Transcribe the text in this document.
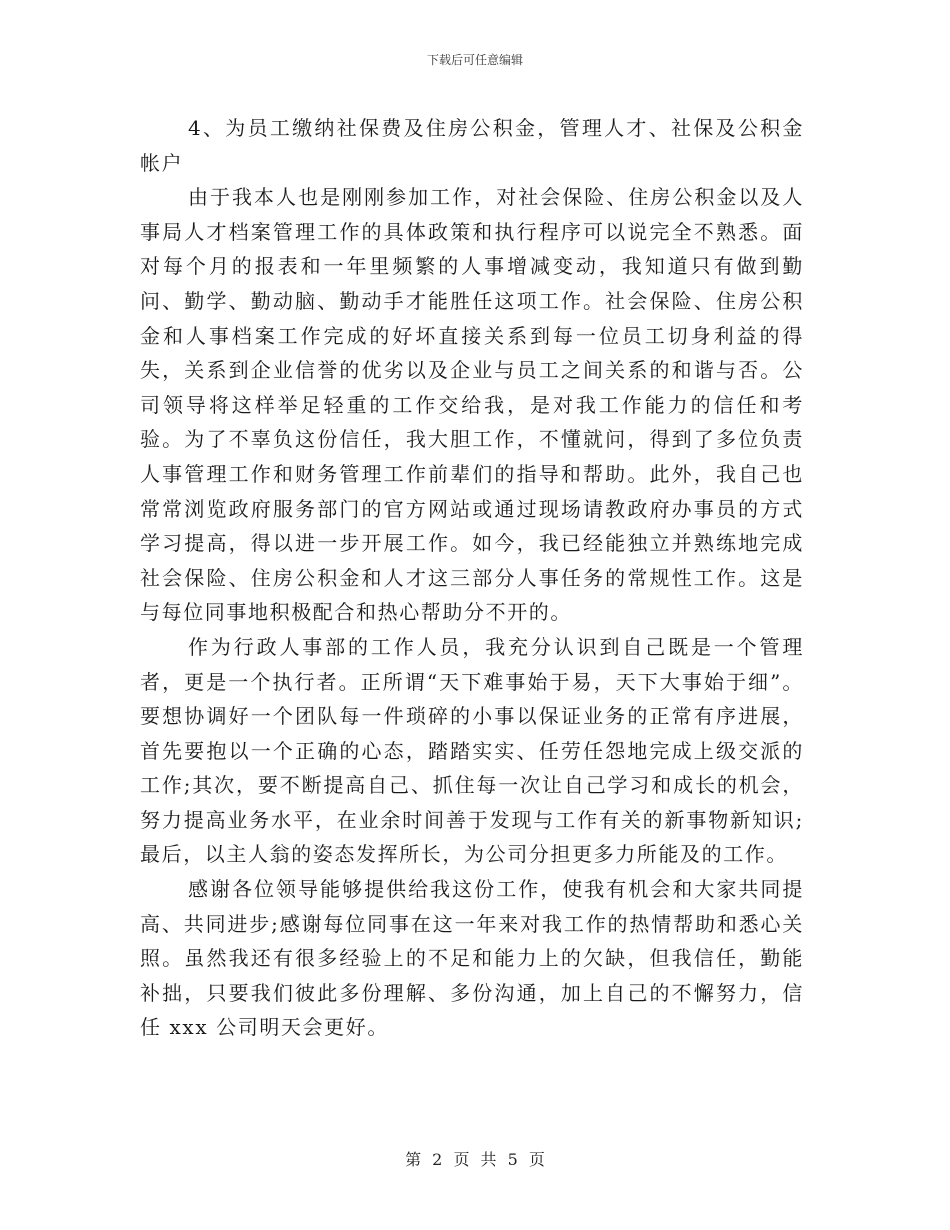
下载后可任意编辑

4、为员工缴纳社保费及住房公积金，管理人才、社保及公积金帐户

由于我本人也是刚刚参加工作，对社会保险、住房公积金以及人事局人才档案管理工作的具体政策和执行程序可以说完全不熟悉。面对每个月的报表和一年里频繁的人事增减变动，我知道只有做到勤问、勤学、勤动脑、勤动手才能胜任这项工作。社会保险、住房公积金和人事档案工作完成的好坏直接关系到每一位员工切身利益的得失，关系到企业信誉的优劣以及企业与员工之间关系的和谐与否。公司领导将这样举足轻重的工作交给我，是对我工作能力的信任和考验。为了不辜负这份信任，我大胆工作，不懂就问，得到了多位负责人事管理工作和财务管理工作前辈们的指导和帮助。此外，我自己也常常浏览政府服务部门的官方网站或通过现场请教政府办事员的方式学习提高，得以进一步开展工作。如今，我已经能独立并熟练地完成社会保险、住房公积金和人才这三部分人事任务的常规性工作。这是与每位同事地积极配合和热心帮助分不开的。

作为行政人事部的工作人员，我充分认识到自己既是一个管理者，更是一个执行者。正所谓“天下难事始于易，天下大事始于细”。要想协调好一个团队每一件琐碎的小事以保证业务的正常有序进展，首先要抱以一个正确的心态，踏踏实实、任劳任怨地完成上级交派的工作;其次，要不断提高自己、抓住每一次让自己学习和成长的机会，努力提高业务水平，在业余时间善于发现与工作有关的新事物新知识;最后，以主人翁的姿态发挥所长，为公司分担更多力所能及的工作。

感谢各位领导能够提供给我这份工作，使我有机会和大家共同提高、共同进步;感谢每位同事在这一年来对我工作的热情帮助和悉心关照。虽然我还有很多经验上的不足和能力上的欠缺，但我信任，勤能补拙，只要我们彼此多份理解、多份沟通，加上自己的不懈努力，信任 xxx 公司明天会更好。

第 2 页 共 5 页
